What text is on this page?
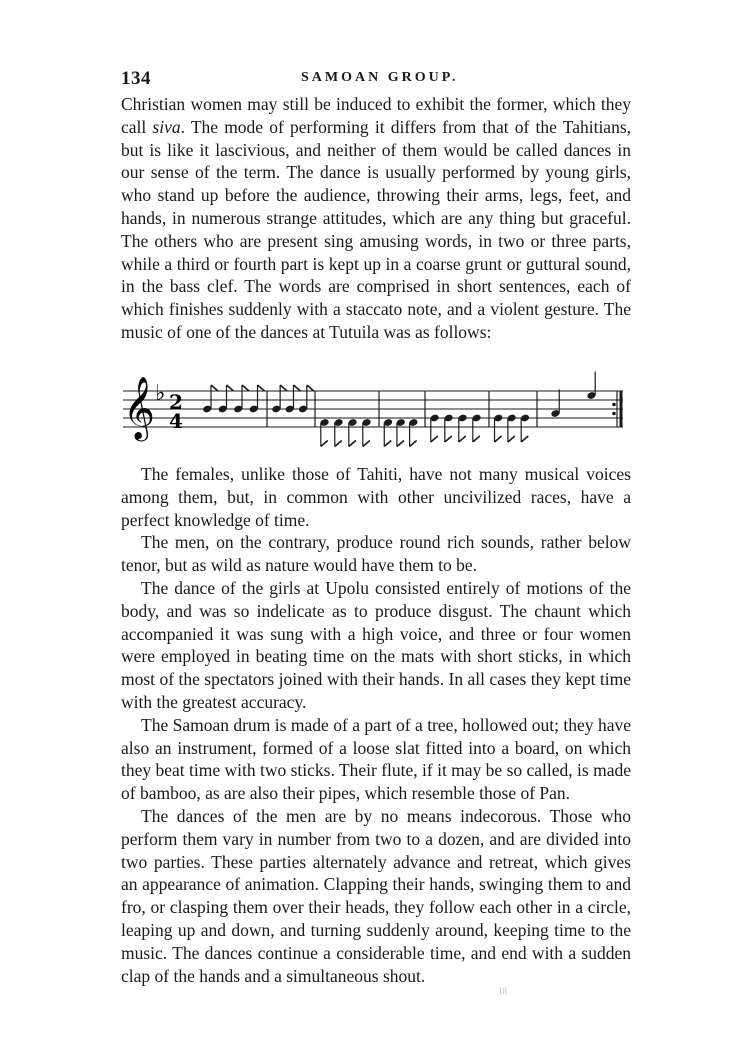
134	SAMOAN GROUP.

Christian women may still be induced to exhibit the former, which they call siva. The mode of performing it differs from that of the Tahitians, but is like it lascivious, and neither of them would be called dances in our sense of the term. The dance is usually performed by young girls, who stand up before the audience, throwing their arms, legs, feet, and hands, in numerous strange attitudes, which are any thing but graceful. The others who are present sing amusing words, in two or three parts, while a third or fourth part is kept up in a coarse grunt or guttural sound, in the bass clef. The words are comprised in short sentences, each of which finishes suddenly with a staccato note, and a violent gesture. The music of one of the dances at Tutuila was as follows:

𝄞 ♭ 2
4

The females, unlike those of Tahiti, have not many musical voices among them, but, in common with other uncivilized races, have a perfect knowledge of time.

The men, on the contrary, produce round rich sounds, rather below tenor, but as wild as nature would have them to be.

The dance of the girls at Upolu consisted entirely of motions of the body, and was so indelicate as to produce disgust. The chaunt which accompanied it was sung with a high voice, and three or four women were employed in beating time on the mats with short sticks, in which most of the spectators joined with their hands. In all cases they kept time with the greatest accuracy.

The Samoan drum is made of a part of a tree, hollowed out; they have also an instrument, formed of a loose slat fitted into a board, on which they beat time with two sticks. Their flute, if it may be so called, is made of bamboo, as are also their pipes, which resemble those of Pan.

The dances of the men are by no means indecorous. Those who perform them vary in number from two to a dozen, and are divided into two parties. These parties alternately advance and retreat, which gives an appearance of animation. Clapping their hands, swinging them to and fro, or clasping them over their heads, they follow each other in a circle, leaping up and down, and turning suddenly around, keeping time to the music. The dances continue a considerable time, and end with a sudden clap of the hands and a simultaneous shout.

18
